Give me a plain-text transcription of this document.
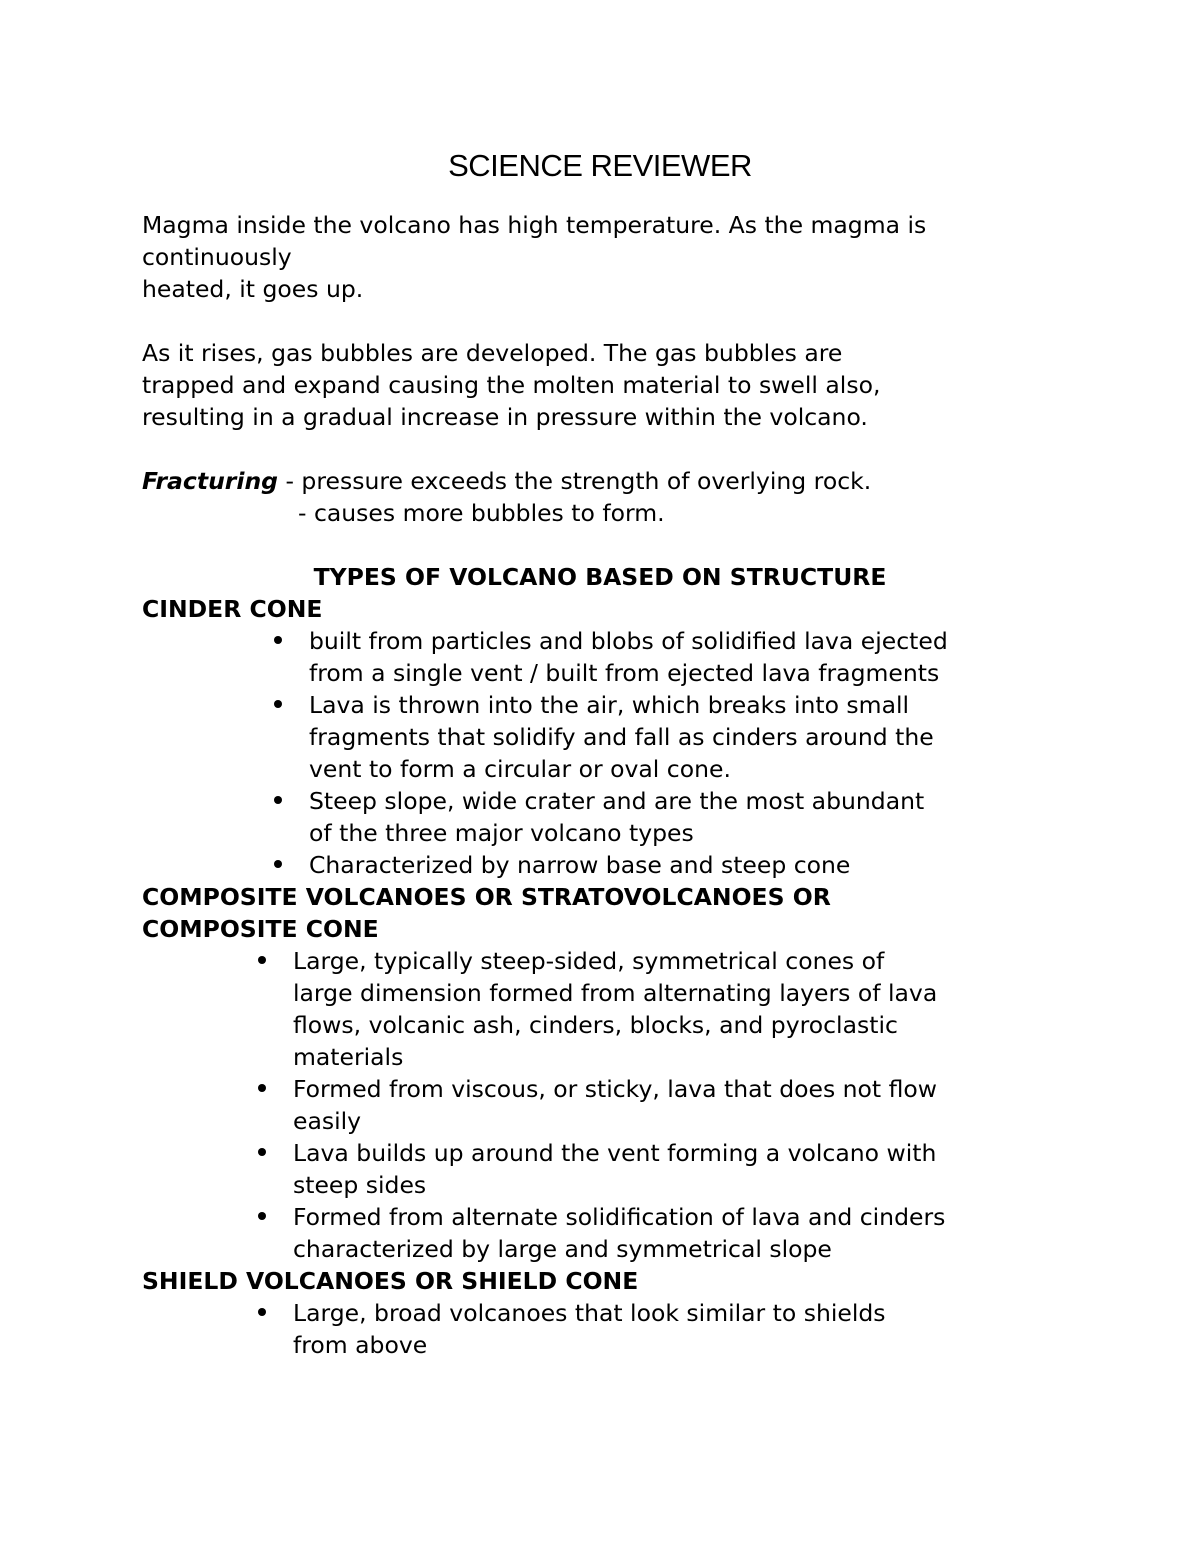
SCIENCE REVIEWER
Magma inside the volcano has high temperature. As the magma is
continuously
heated, it goes up.
As it rises, gas bubbles are developed. The gas bubbles are
trapped and expand causing the molten material to swell also,
resulting in a gradual increase in pressure within the volcano.
Fracturing - pressure exceeds the strength of overlying rock.
- causes more bubbles to form.
TYPES OF VOLCANO BASED ON STRUCTURE
CINDER CONE
built from particles and blobs of solidified lava ejected
from a single vent / built from ejected lava fragments
Lava is thrown into the air, which breaks into small
fragments that solidify and fall as cinders around the
vent to form a circular or oval cone.
Steep slope, wide crater and are the most abundant
of the three major volcano types
Characterized by narrow base and steep cone
COMPOSITE VOLCANOES OR STRATOVOLCANOES OR
COMPOSITE CONE
Large, typically steep-sided, symmetrical cones of
large dimension formed from alternating layers of lava
flows, volcanic ash, cinders, blocks, and pyroclastic
materials
Formed from viscous, or sticky, lava that does not flow
easily
Lava builds up around the vent forming a volcano with
steep sides
Formed from alternate solidification of lava and cinders
characterized by large and symmetrical slope
SHIELD VOLCANOES OR SHIELD CONE
Large, broad volcanoes that look similar to shields
from above
